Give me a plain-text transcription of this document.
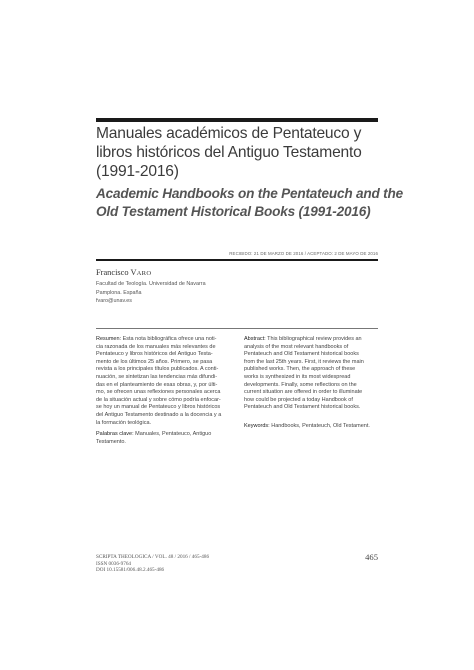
Manuales académicos de Pentateuco y
libros históricos del Antiguo Testamento
(1991-2016)
Academic Handbooks on the Pentateuch and the
Old Testament Historical Books (1991-2016)
RECIBIDO: 21 DE MARZO DE 2016 / ACEPTADO: 2 DE MAYO DE 2016
Francisco VARO
Facultad de Teología. Universidad de Navarra
Pamplona. España
fvaro@unav.es
Resumen: Esta nota bibliográfica ofrece una noti-
cia razonada de los manuales más relevantes de
Pentateuco y libros históricos del Antiguo Testa-
mento de los últimos 25 años. Primero, se pasa
revista a los principales títulos publicados. A conti-
nuación, se sintetizan las tendencias más difundi-
das en el planteamiento de esas obras, y, por últi-
mo, se ofrecen unas reflexiones personales acerca
de la situación actual y sobre cómo podría enfocar-
se hoy un manual de Pentateuco y libros históricos
del Antiguo Testamento destinado a la docencia y a
la formación teológica.
Palabras clave: Manuales, Pentateuco, Antiguo
Testamento.
Abstract: This bibliographical review provides an
analysis of the most relevant handbooks of
Pentateuch and Old Testament historical books
from the last 25th years. First, it reviews the main
published works. Then, the approach of these
works is synthesized in its most widespread
developments. Finally, some reflections on the
current situation are offered in order to illuminate
how could be projected a today Handbook of
Pentateuch and Old Testament historical books.
Keywords: Handbooks, Pentateuch, Old Testament.
SCRIPTA THEOLOGICA / VOL. 48 / 2016 / 465-486
ISSN 0036-9764
DOI 10.15581/006.48.2.465-486
465
